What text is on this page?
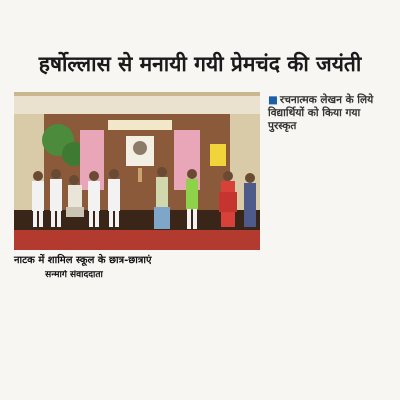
हर्षोल्लास से मनायी गयी प्रेमचंद की जयंती
नाटक में शामिल स्कूल के छात्र-छात्राएं
■ रचनात्मक लेखन के लिये विद्यार्थियों को किया गया पुरस्कृत
सन्मार्ग संवाददाता
